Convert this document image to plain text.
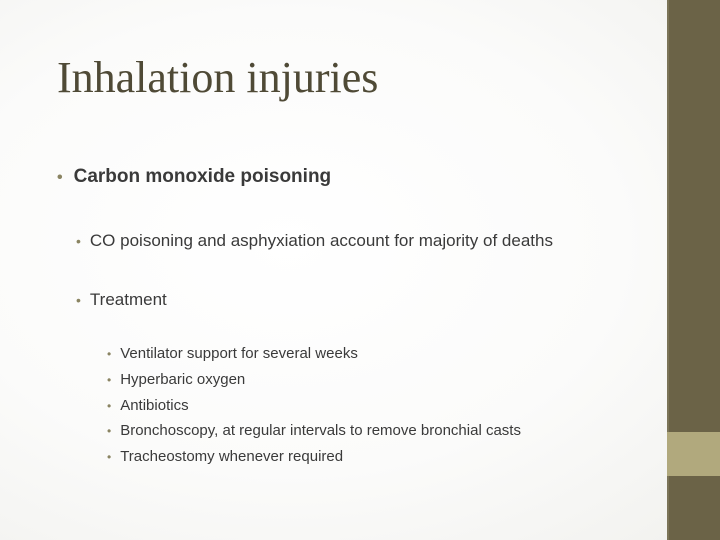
Inhalation injuries
• Carbon monoxide poisoning
• CO poisoning and asphyxiation account for majority of deaths
• Treatment
• Ventilator support for several weeks
• Hyperbaric oxygen
• Antibiotics
• Bronchoscopy, at regular intervals to remove bronchial casts
• Tracheostomy whenever required
